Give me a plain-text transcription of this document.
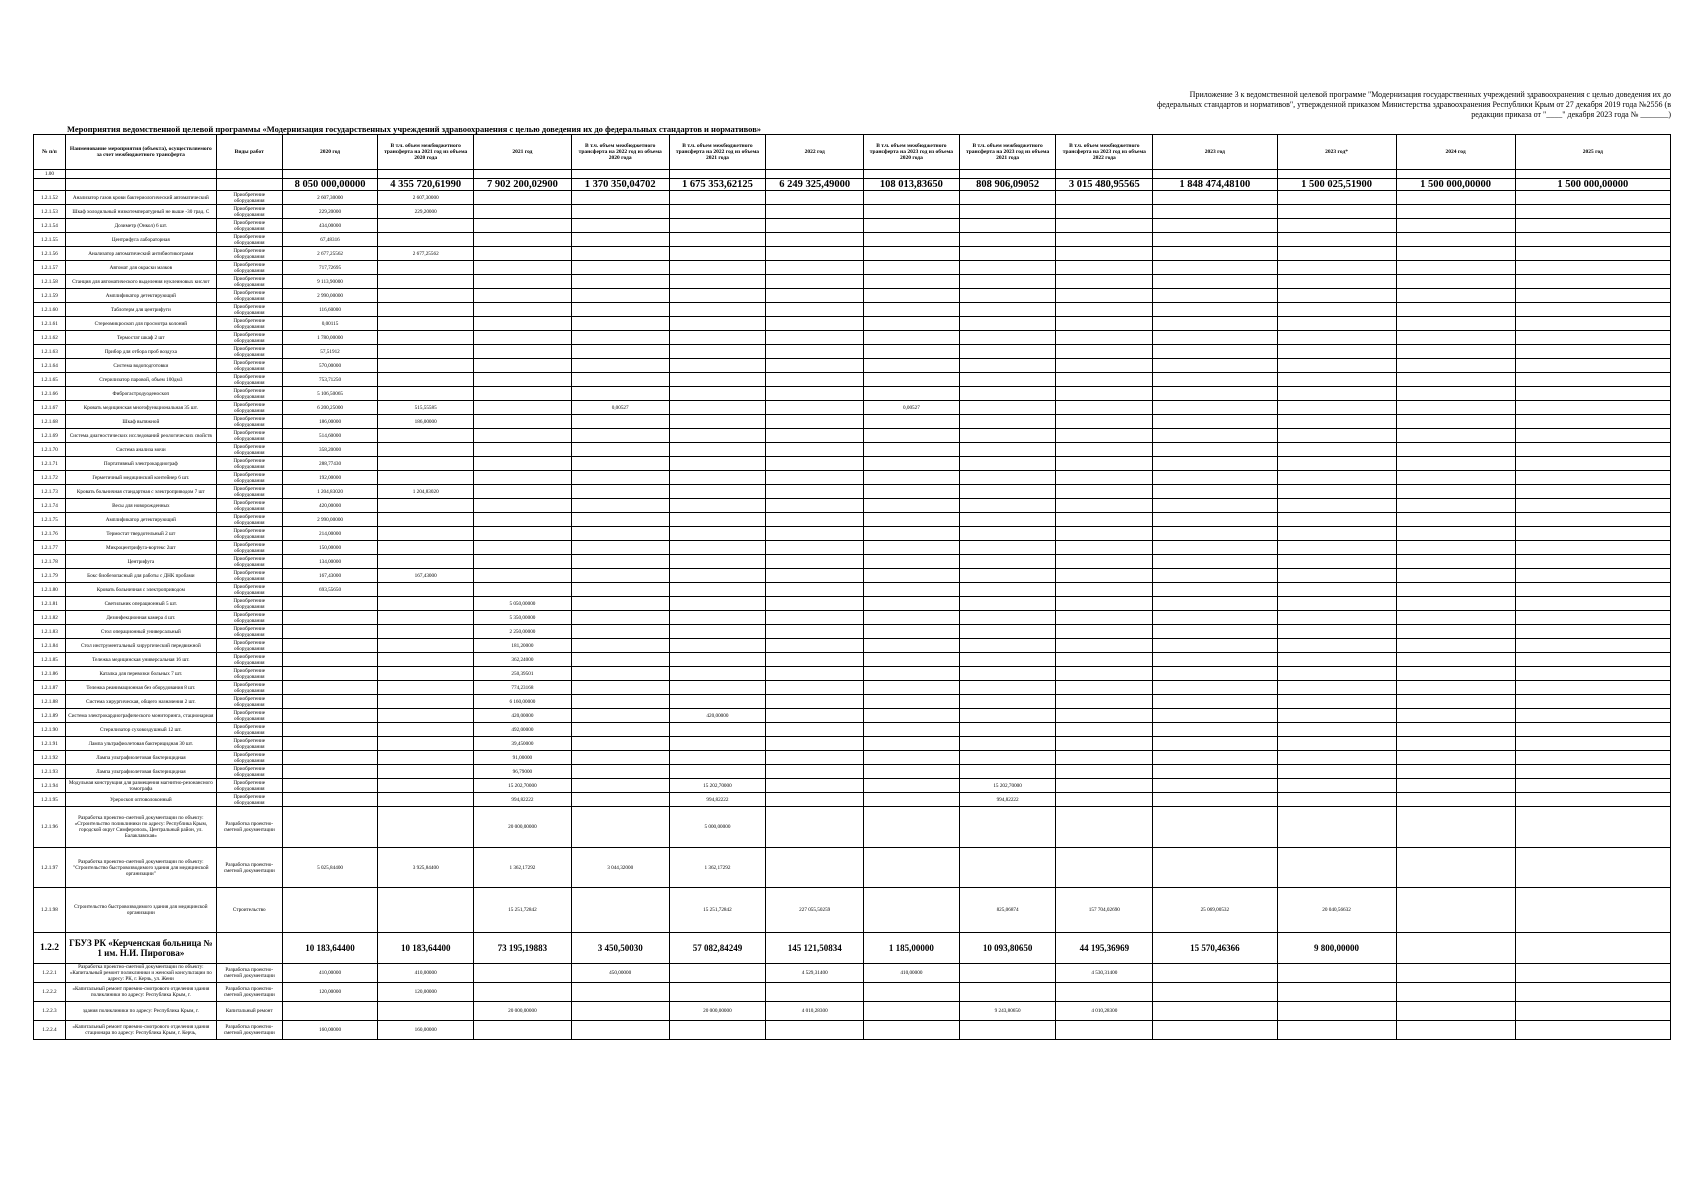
Приложение 3 к ведомственной целевой программе "Модернизация государственных учреждений здравоохранения с целью доведения их до федеральных стандартов и нормативов", утвержденной приказом Министерства здравоохранения Республики Крым от 27 декабря 2019 года №2556 (в редакции приказа от "____" декабря 2023 года № _______)
Мероприятия ведомственной целевой программы «Модернизация государственных учреждений здравоохранения с целью доведения их до федеральных стандартов и нормативов»
№ п/п	Наименование мероприятия (объекта), осуществляемого за счет межбюджетного трансферта	Виды работ	2020 год	В т.ч. объем межбюджетного трансферта на 2021 год из объема 2020 года	2021 год	В т.ч. объем межбюджетного трансферта на 2022 год из объема 2020 года	В т.ч. объем межбюджетного трансферта на 2022 год из объема 2021 года	2022 год	В т.ч. объем межбюджетного трансферта на 2023 год из объема 2020 года	В т.ч. объем межбюджетного трансферта на 2023 год из объема 2021 года	В т.ч. объем межбюджетного трансферта на 2023 год из объема 2022 года	2023 год	2023 год*	2024 год	2025 год
1.00															
			8 050 000,00000	4 355 720,61990	7 902 200,02900	1 370 350,04702	1 675 353,62125	6 249 325,49000	108 013,83650	808 906,09052	3 015 480,95565	1 848 474,48100	1 500 025,51900	1 500 000,00000	1 500 000,00000
1.2.1.52	Анализатор газов крови бактериологический автоматический	Приобретение оборудования	2 607,30000	2 607,30000											
1.2.1.53	Шкаф холодильный низкотемпературный не выше -30 град. С	Приобретение оборудования	229,20000	229,20000											
1.2.1.54	Дозиметр (Онкол) 6 шт.	Приобретение оборудования	434,00000												
1.2.1.55	Центрифуга лабораторная	Приобретение оборудования	67,48316												
1.2.1.56	Анализатор автоматический антибиотикограмм	Приобретение оборудования	2 677,25562	2 677,25562											
1.2.1.57	Автомат для окраски мазков	Приобретение оборудования	717,72695												
1.2.1.58	Станция для автоматического выделения нуклеиновых кислот	Приобретение оборудования	9 113,90000												
1.2.1.59	Амплификатор детектирующий	Приобретение оборудования	2 990,00000												
1.2.1.60	Таблотерм для центрифуги	Приобретение оборудования	116,60000												
1.2.1.61	Стереомикроскоп для просмотра колоний	Приобретение оборудования	0,00115												
1.2.1.62	Термостат шкаф 2 шт	Приобретение оборудования	1 780,00000												
1.2.1.63	Прибор для отбора проб воздуха	Приобретение оборудования	57,51912												
1.2.1.64	Система водоподготовки	Приобретение оборудования	570,00000												
1.2.1.65	Стерилизатор паровой, объем 100дм3	Приобретение оборудования	753,71250												
1.2.1.66	Фиброгастродуоденоскоп	Приобретение оборудования	5 106,50065												
1.2.1.67	Кровать медицинская многофункциональная 35 шт.	Приобретение оборудования	6 200,25000	515,55585		0,00527			0,00527						
1.2.1.68	Шкаф вытяжной	Приобретение оборудования	186,00000	186,00000											
1.2.1.69	Система диагностических исследований реологических свойств	Приобретение оборудования	514,60000												
1.2.1.70	Система анализа мочи	Приобретение оборудования	358,20000												
1.2.1.71	Портативный электрокардиограф	Приобретение оборудования	288,77430												
1.2.1.72	Герметичный медицинский контейнер 6 шт.	Приобретение оборудования	192,00000												
1.2.1.73	Кровать больничная стандартная с электроприводом 7 шт	Приобретение оборудования	1 204,83020	1 204,83020											
1.2.1.74	Весы для новорожденных	Приобретение оборудования	420,00000												
1.2.1.75	Амплификатор детектирующий	Приобретение оборудования	2 990,00000												
1.2.1.76	Термостат твердотельный 2 шт	Приобретение оборудования	214,00000												
1.2.1.77	Микроцентрифуга-вортекс 2шт	Приобретение оборудования	150,00000												
1.2.1.78	Центрифуга	Приобретение оборудования	134,00000												
1.2.1.79	Бокс биобезопасный для работы с ДНК пробами	Приобретение оборудования	167,43000	167,43000											
1.2.1.80	Кровать больничная с электроприводом	Приобретение оборудования	693,55650												
1.2.1.81	Светильник операционный 5 шт.	Приобретение оборудования			5 050,00000										
1.2.1.82	Дезинфекционная камера 4 шт.	Приобретение оборудования			5 350,00000										
1.2.1.83	Стол операционный универсальный	Приобретение оборудования			2 250,00000										
1.2.1.84	Стол инструментальный хирургический передвижной	Приобретение оборудования			181,20000										
1.2.1.85	Тележка медицинская универсальная 16 шт.	Приобретение оборудования			362,24000										
1.2.1.86	Каталка для перевозки больных 7 шт.	Приобретение оборудования			250,39501										
1.2.1.87	Тележка реанимационная без оборудования 8 шт.	Приобретение оборудования			774,23168										
1.2.1.88	Система хирургическая, общего назначения 2 шт.	Приобретение оборудования			6 160,00000										
1.2.1.89	Система электрокардиографического мониторинга, стационарная	Приобретение оборудования			420,00000		420,00000								
1.2.1.90	Стерилизатор суховоздушный 12 шт.	Приобретение оборудования			492,00000										
1.2.1.91	Лампа ультрафиолетовая бактерицидная 30 шт.	Приобретение оборудования			39,450000										
1.2.1.92	Лампа ультрафиолетовая бактерицидная	Приобретение оборудования			91,00000										
1.2.1.93	Лампа ультрафиолетовая бактерицидная	Приобретение оборудования			96,79000										
1.2.1.94	Модульная конструкция для размещения магнитно-резонансного томографа	Приобретение оборудования			15 202,70000		15 202,70000			15 202,70000					
1.2.1.95	Урероскоп оптоволоконный	Приобретение оборудования			994,82222		994,82222			994,82222					
1.2.1.96	Разработка проектно-сметной документации по объекту: «Строительство поликлиники по адресу: Республика Крым, городской округ Симферополь, Центральный район, ул. Балаклавская»	Разработка проектно-сметной документации			20 000,00000		5 000,00000								
1.2.1.97	Разработка проектно-сметной документации по объекту: "Строительство быстровозводимого здания для медицинской организации"	Разработка проектно-сметной документации	5 025,84400	3 925,84400	1 362,17292	3 044,32000	1 362,17292								
1.2.1.98	Строительство быстровозводимого здания для медицинской организации	Строительство			15 251,72842		15 251,72842	227 055,50259		825,06874	157 704,02690	25 069,00532	20 040,56632		
1.2.2	ГБУЗ РК «Керченская больница № 1 им. Н.И. Пирогова»		10 183,64400	10 183,64400	73 195,19883	3 450,50030	57 082,84249	145 121,50834	1 185,00000	10 093,80650	44 195,36969	15 570,46366	9 800,00000		
1.2.2.1	Разработка проектно-сметной документации по объекту: «Капитальный ремонт поликлиники и женской консультации по адресу: РК, г. Керчь, ул. Жени	Разработка проектно-сметной документации	410,00000	410,00000		450,00000		4 529,31400	410,00000		4 530,31400				
1.2.2.2	«Капитальный ремонт приемно-смотрового отделения здания поликлиники по адресу: Республика Крым, г.	Разработка проектно-сметной документации	120,00000	120,00000											
1.2.2.3	здания поликлиники по адресу: Республика Крым, г.	Капитальный ремонт			20 000,00000		20 000,00000	4 010,28300		9 243,80650	4 010,28300				
1.2.2.4	«Капитальный ремонт приемно-смотрового отделения здания стационара по адресу: Республика Крым, г. Керчь,	Разработка проектно-сметной документации	160,00000	160,00000											
